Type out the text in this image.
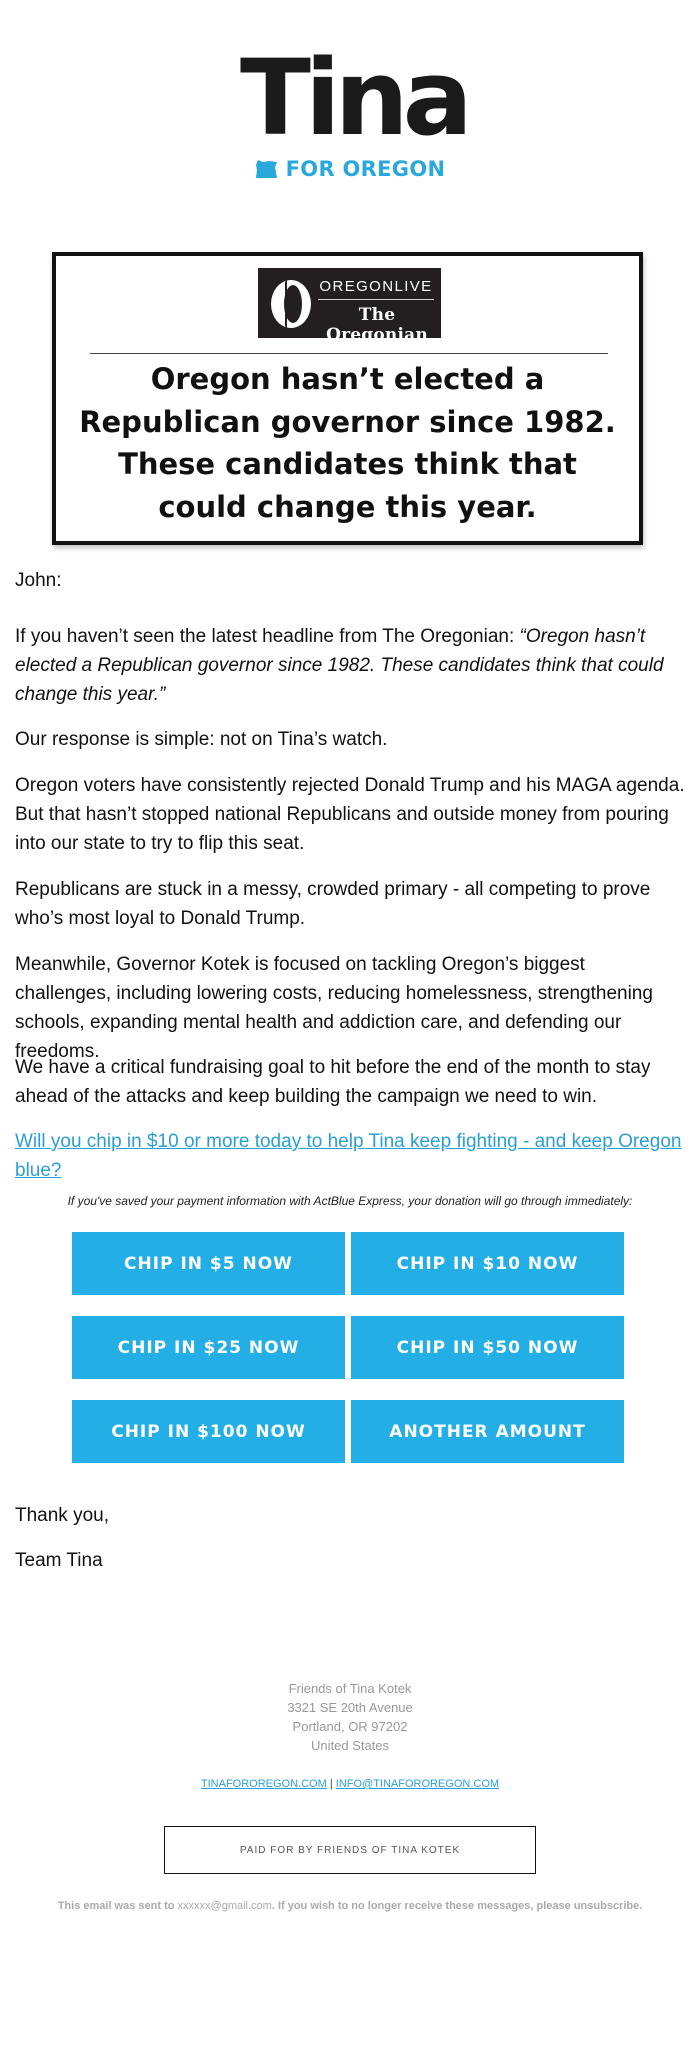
Tina
FOR OREGON
OREGONLIVE
The Oregonian
Oregon hasn’t elected a
Republican governor since 1982.
These candidates think that
could change this year.

John:

If you haven’t seen the latest headline from The Oregonian: “Oregon hasn’t elected a Republican governor since 1982. These candidates think that could change this year.”

Our response is simple: not on Tina’s watch.

Oregon voters have consistently rejected Donald Trump and his MAGA agenda. But that hasn’t stopped national Republicans and outside money from pouring into our state to try to flip this seat.

Republicans are stuck in a messy, crowded primary - all competing to prove who’s most loyal to Donald Trump.

Meanwhile, Governor Kotek is focused on tackling Oregon’s biggest challenges, including lowering costs, reducing homelessness, strengthening schools, expanding mental health and addiction care, and defending our freedoms.

We have a critical fundraising goal to hit before the end of the month to stay ahead of the attacks and keep building the campaign we need to win.

Will you chip in $10 or more today to help Tina keep fighting - and keep Oregon blue?

If you've saved your payment information with ActBlue Express, your donation will go through immediately:

CHIP IN $5 NOW	CHIP IN $10 NOW
CHIP IN $25 NOW	CHIP IN $50 NOW
CHIP IN $100 NOW	ANOTHER AMOUNT

Thank you,

Team Tina

Friends of Tina Kotek

3321 SE 20th Avenue

Portland, OR 97202

United States

TINAFOROREGON.COM | INFO@TINAFOROREGON.COM
PAID FOR BY FRIENDS OF TINA KOTEK

This email was sent to xxxxxx@gmail.com. If you wish to no longer receive these messages, please unsubscribe.
